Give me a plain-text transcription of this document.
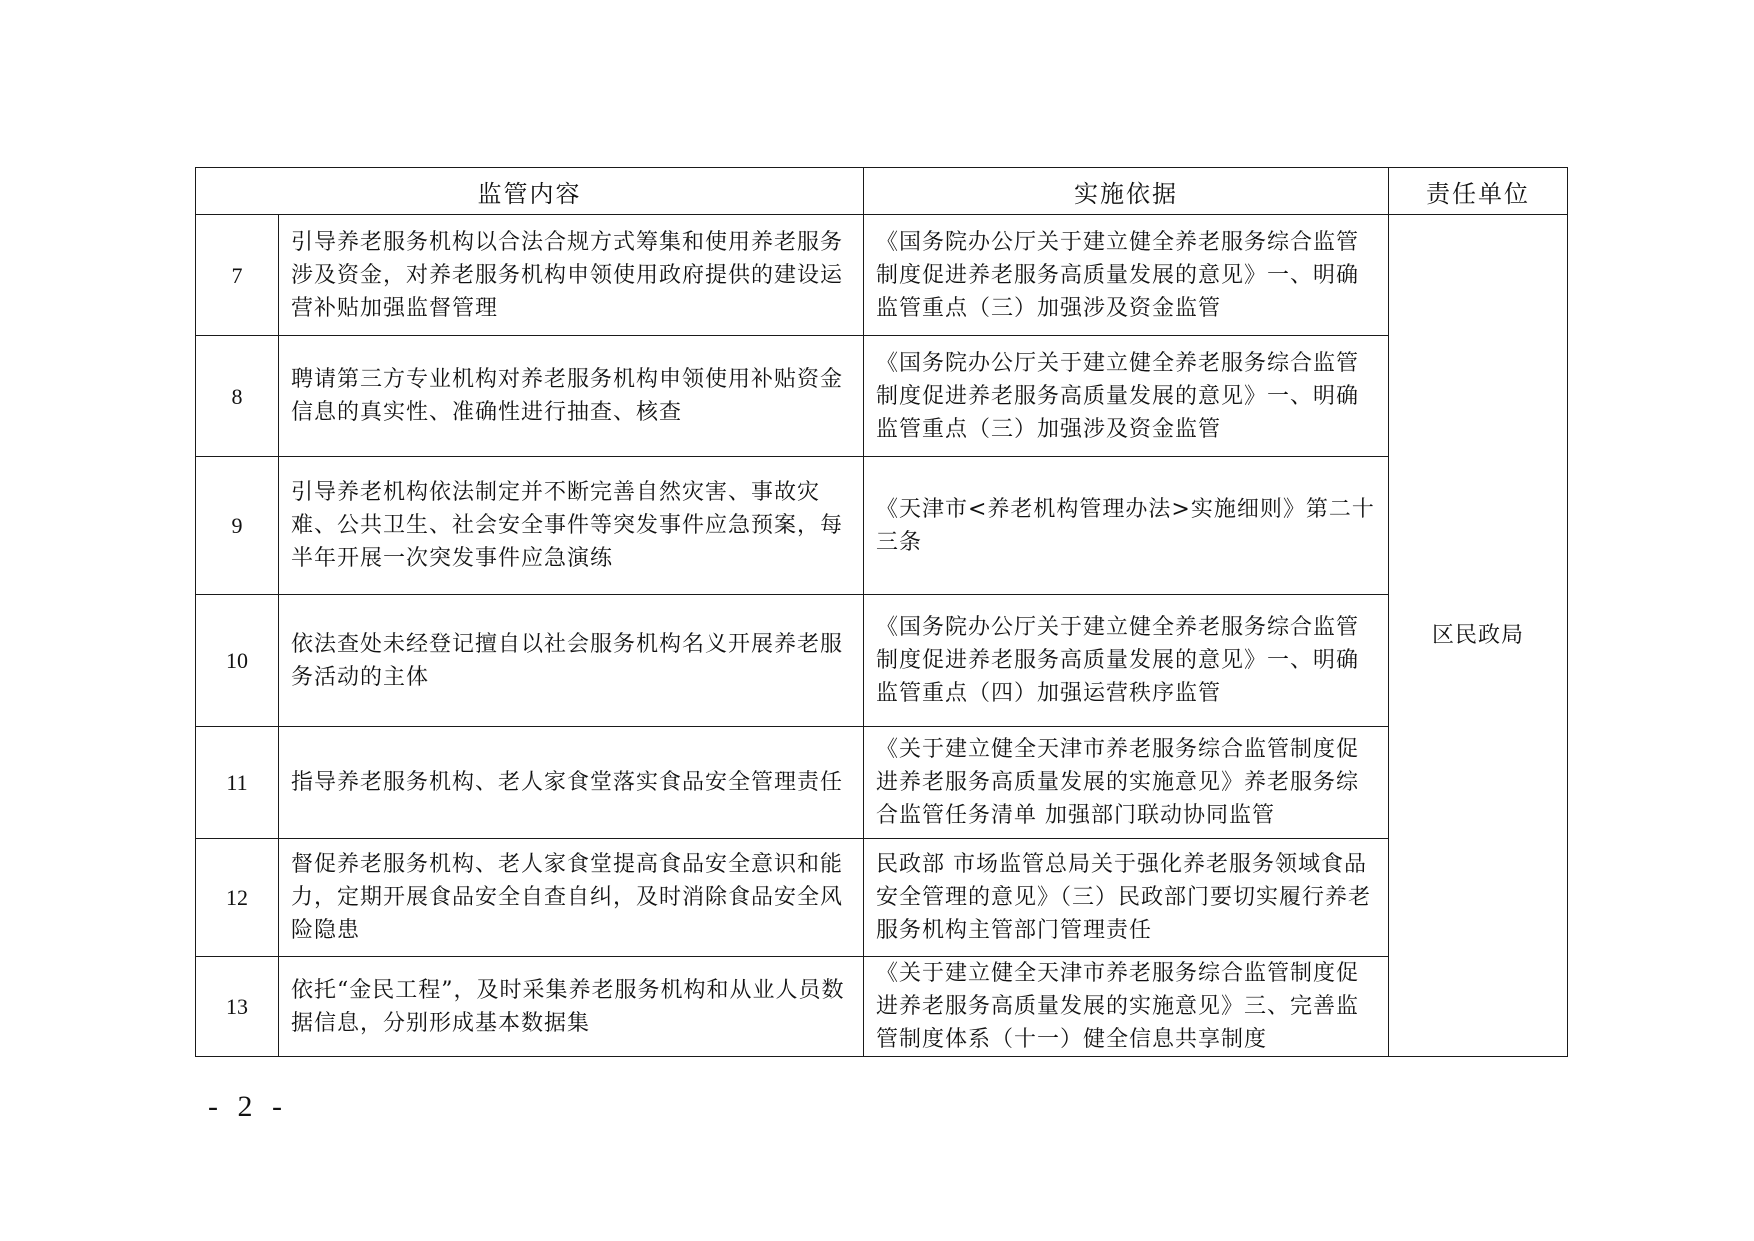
监管内容		实施依据	责任单位
7	引导养老服务机构以合法合规方式筹集和使用养老服务涉及资金，对养老服务机构申领使用政府提供的建设运营补贴加强监督管理	《国务院办公厅关于建立健全养老服务综合监管制度促进养老服务高质量发展的意见》一、明确监管重点（三）加强涉及资金监管	区民政局
8	聘请第三方专业机构对养老服务机构申领使用补贴资金信息的真实性、准确性进行抽查、核查	《国务院办公厅关于建立健全养老服务综合监管制度促进养老服务高质量发展的意见》一、明确监管重点（三）加强涉及资金监管	
9	引导养老机构依法制定并不断完善自然灾害、事故灾难、公共卫生、社会安全事件等突发事件应急预案，每半年开展一次突发事件应急演练	《天津市<养老机构管理办法>实施细则》第二十三条	
10	依法查处未经登记擅自以社会服务机构名义开展养老服务活动的主体	《国务院办公厅关于建立健全养老服务综合监管制度促进养老服务高质量发展的意见》一、明确监管重点（四）加强运营秩序监管	
11	指导养老服务机构、老人家食堂落实食品安全管理责任	《关于建立健全天津市养老服务综合监管制度促进养老服务高质量发展的实施意见》养老服务综合监管任务清单 加强部门联动协同监管	
12	督促养老服务机构、老人家食堂提高食品安全意识和能力，定期开展食品安全自查自纠，及时消除食品安全风险隐患	民政部 市场监管总局关于强化养老服务领域食品安全管理的意见》（三）民政部门要切实履行养老服务机构主管部门管理责任	
13	依托“金民工程”，及时采集养老服务机构和从业人员数据信息，分别形成基本数据集	《关于建立健全天津市养老服务综合监管制度促进养老服务高质量发展的实施意见》三、完善监管制度体系（十一）健全信息共享制度	
- 2 -
